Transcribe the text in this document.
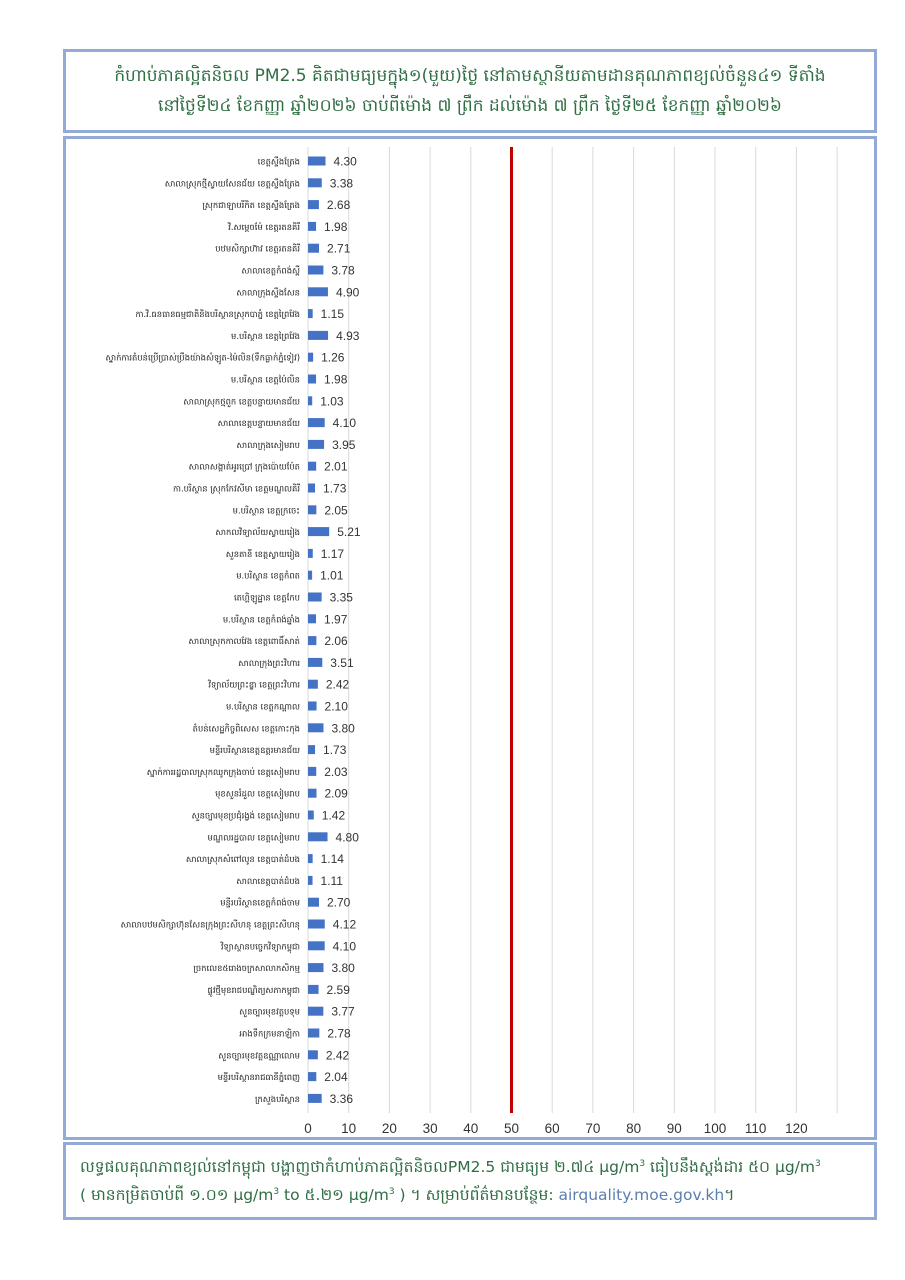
កំហាប់ភាគល្អិតនិចល PM2.5 គិតជាមធ្យមក្នុង១(មួយ)ថ្ងៃ នៅតាមស្ថានីយតាមដានគុណភាពខ្យល់ចំនួន៤១ ទីតាំង
នៅថ្ងៃទី២៤ ខែកញ្ញា ឆ្នាំ២០២៦ ចាប់ពីម៉ោង ៧ ព្រឹក ដល់ម៉ោង ៧ ព្រឹក ថ្ងៃទី២៥ ខែកញ្ញា ឆ្នាំ២០២៦
ខេត្តស្ទឹងត្រែង	4.30
សាលាស្រុកថ្មីស្វាយសែនជ័យ ខេត្តស្ទឹងត្រែង 3.38
ស្រុកជាឡាបរីកិត ខេត្តស្ទឹងត្រែង 2.68
វិ.សម្តេចម៉ែ ខេត្តរតនគិរី 1.98
បឋមសិក្សាហ៊ាវ ខេត្តរតនគិរី 2.71
សាលាខេត្តកំពង់ស្ពឺ	3.78
សាលាក្រុងស្ទឹងសែន	4.90
កា.វិ.ធនធានធម្មជាតិនិងបរិស្ថានស្រុកបាភ្នំ ខេត្តព្រៃវែង 1.15
ម.បរិស្ថាន ខេត្តព្រៃវែង	4.93
ស្នាក់ការតំបន់ប្រើប្រាស់ប្រឹងយ៉ាងសំឡូត-ម៉ៃលិន(ទឹកធ្លាក់ភ្នំទៀវ) 1.26
ម.បរិស្ថាន ខេត្តប៉ៃលិន 1.98
សាលាស្រុកថ្មពួក ខេត្តបន្ទាយមានជ័យ 1.03
សាលាខេត្តបន្ទាយមានជ័យ	4.10
សាលាក្រុងសៀមរាប	3.95
សាលាសង្កាត់អូរប្រៅ ក្រុងប៉ោយប៉ែត 2.01
កា.បរិស្ថាន ស្រុកកែវសីមា ខេត្តមណ្ឌលគិរី 1.73
ម.បរិស្ថាន ខេត្តក្រចេះ 2.05
សាកលវិទ្យាល័យស្វាយរៀង	5.21
សួនតានី ខេត្តស្វាយរៀង 1.17
ម.បរិស្ថាន ខេត្តកំពត 1.01
តេហ្គិឡូដ្ឋាន ខេត្តកែប 3.35
ម.បរិស្ថាន ខេត្តកំពង់ឆ្នាំង 1.97
សាលាស្រុកកាលវែង ខេត្តពោធិ៍សាត់ 2.06
សាលាក្រុងព្រះវិហារ	3.51
វិទ្យាល័យព្រះឧ្ឌា ខេត្តព្រះវិហារ 2.42
ម.បរិស្ថាន ខេត្តកណ្តាល 2.10
តំបន់សេដ្ឋកិច្ចពិសេស ខេត្តកោះកុង	3.80
មន្ទីរបរិស្ថានខេត្តឧត្តរមានជ័យ 1.73
ស្នាក់ការរដ្ឋបាលស្រុកឈូកក្រុងចាប់ ខេត្តសៀមរាប 2.03
មុខសួនរំដួល ខេត្តសៀមរាប 2.09
សួនច្បារមុខប្រជុំរង្វង់ ខេត្តសៀមរាប 1.42
មណ្ឌលរដ្ឋបាល ខេត្តសៀមរាប	4.80
សាលាស្រុកសំពៅលូន ខេត្តបាត់ដំបង 1.14
សាលាខេត្តបាត់ដំបង 1.11
មន្ទីរបរិស្ថានខេត្តកំពង់ចាម 2.70
សាលាបឋមសិក្សាហ៊ុនសែនក្រុងព្រះសីហនុ ខេត្តព្រះសីហនុ	4.12
វិទ្យាស្ថានបច្ចេកវិទ្យាកម្ពុជា	4.10
ច្រកលេខ៥រោងចក្រសាលាកសិកម្ម	3.80
ផ្លូវថ្មីមុខរាជបណ្ឌិត្យសភាកម្ពុជា 2.59
សួនច្បារមុខវត្តបទុម	3.77
អាងទឹកក្រមនាឡិកា 2.78
សួនច្បារមុខវត្តឧណ្ណាលោម 2.42
មន្ទីរបរិស្ថានរាជធានីភ្នំពេញ 2.04
ក្រសួងបរិស្ថាន 3.36
0 10 20 30 40 50 60 70 80 90 100 110 120
លទ្ធផលគុណភាពខ្យល់នៅកម្ពុជា បង្ហាញថាកំហាប់ភាគល្អិតនិចលPM2.5 ជាមធ្យម ២.៧៤ $\mu g/m^3$ ធៀបនឹងស្តង់ដារ ៥០ $\mu g/m^3$
( មានកម្រិតចាប់ពី ១.០១ $\mu g/m^3$ to ៥.២១ $\mu g/m^3$ ) ។ សម្រាប់ព័ត៌មានបន្ថែម: airquality.moe.gov.kh។
